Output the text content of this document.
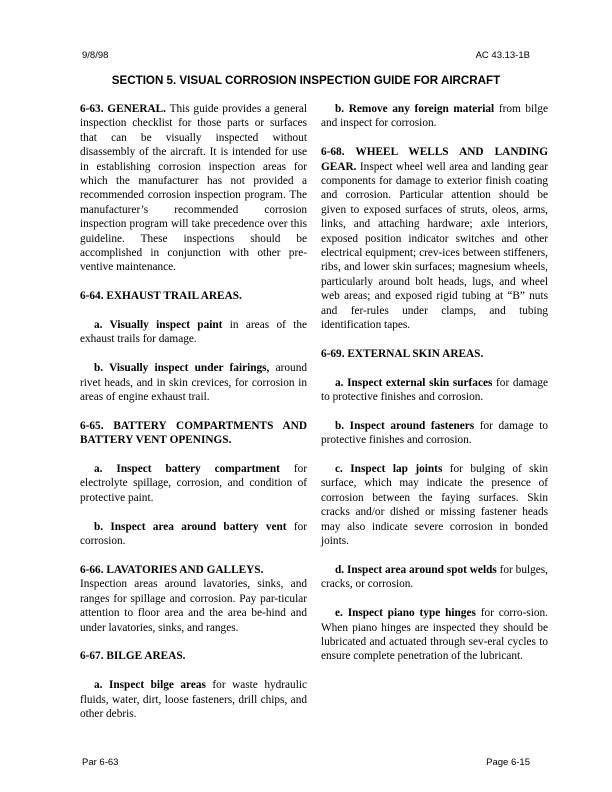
9/8/98	AC 43.13-1B
SECTION 5. VISUAL CORROSION INSPECTION GUIDE FOR AIRCRAFT

6-63. GENERAL. This guide provides a general inspection checklist for those parts or surfaces that can be visually inspected without disassembly of the aircraft. It is intended for use in establishing corrosion inspection areas for which the manufacturer has not provided a recommended corrosion inspection program. The manufacturer’s recommended corrosion inspection program will take precedence over this guideline. These inspections should be accomplished in conjunction with other pre-ventive maintenance.

6-64. EXHAUST TRAIL AREAS.

a. Visually inspect paint in areas of the exhaust trails for damage.

b. Visually inspect under fairings, around rivet heads, and in skin crevices, for corrosion in areas of engine exhaust trail.

6-65. BATTERY COMPARTMENTS AND BATTERY VENT OPENINGS.

a. Inspect battery compartment for electrolyte spillage, corrosion, and condition of protective paint.

b. Inspect area around battery vent for corrosion.

6-66. LAVATORIES AND GALLEYS.
Inspection areas around lavatories, sinks, and ranges for spillage and corrosion. Pay par-ticular attention to floor area and the area be-hind and under lavatories, sinks, and ranges.

6-67. BILGE AREAS.

a. Inspect bilge areas for waste hydraulic fluids, water, dirt, loose fasteners, drill chips, and other debris.

b. Remove any foreign material from bilge and inspect for corrosion.

6-68. WHEEL WELLS AND LANDING GEAR. Inspect wheel well area and landing gear components for damage to exterior finish coating and corrosion. Particular attention should be given to exposed surfaces of struts, oleos, arms, links, and attaching hardware; axle interiors, exposed position indicator switches and other electrical equipment; crev-ices between stiffeners, ribs, and lower skin surfaces; magnesium wheels, particularly around bolt heads, lugs, and wheel web areas; and exposed rigid tubing at “B” nuts and fer-rules under clamps, and tubing identification tapes.

6-69. EXTERNAL SKIN AREAS.

a. Inspect external skin surfaces for damage to protective finishes and corrosion.

b. Inspect around fasteners for damage to protective finishes and corrosion.

c. Inspect lap joints for bulging of skin surface, which may indicate the presence of corrosion between the faying surfaces. Skin cracks and/or dished or missing fastener heads may also indicate severe corrosion in bonded joints.

d. Inspect area around spot welds for bulges, cracks, or corrosion.

e. Inspect piano type hinges for corro-sion. When piano hinges are inspected they should be lubricated and actuated through sev-eral cycles to ensure complete penetration of the lubricant.

Par 6-63	Page 6-15
